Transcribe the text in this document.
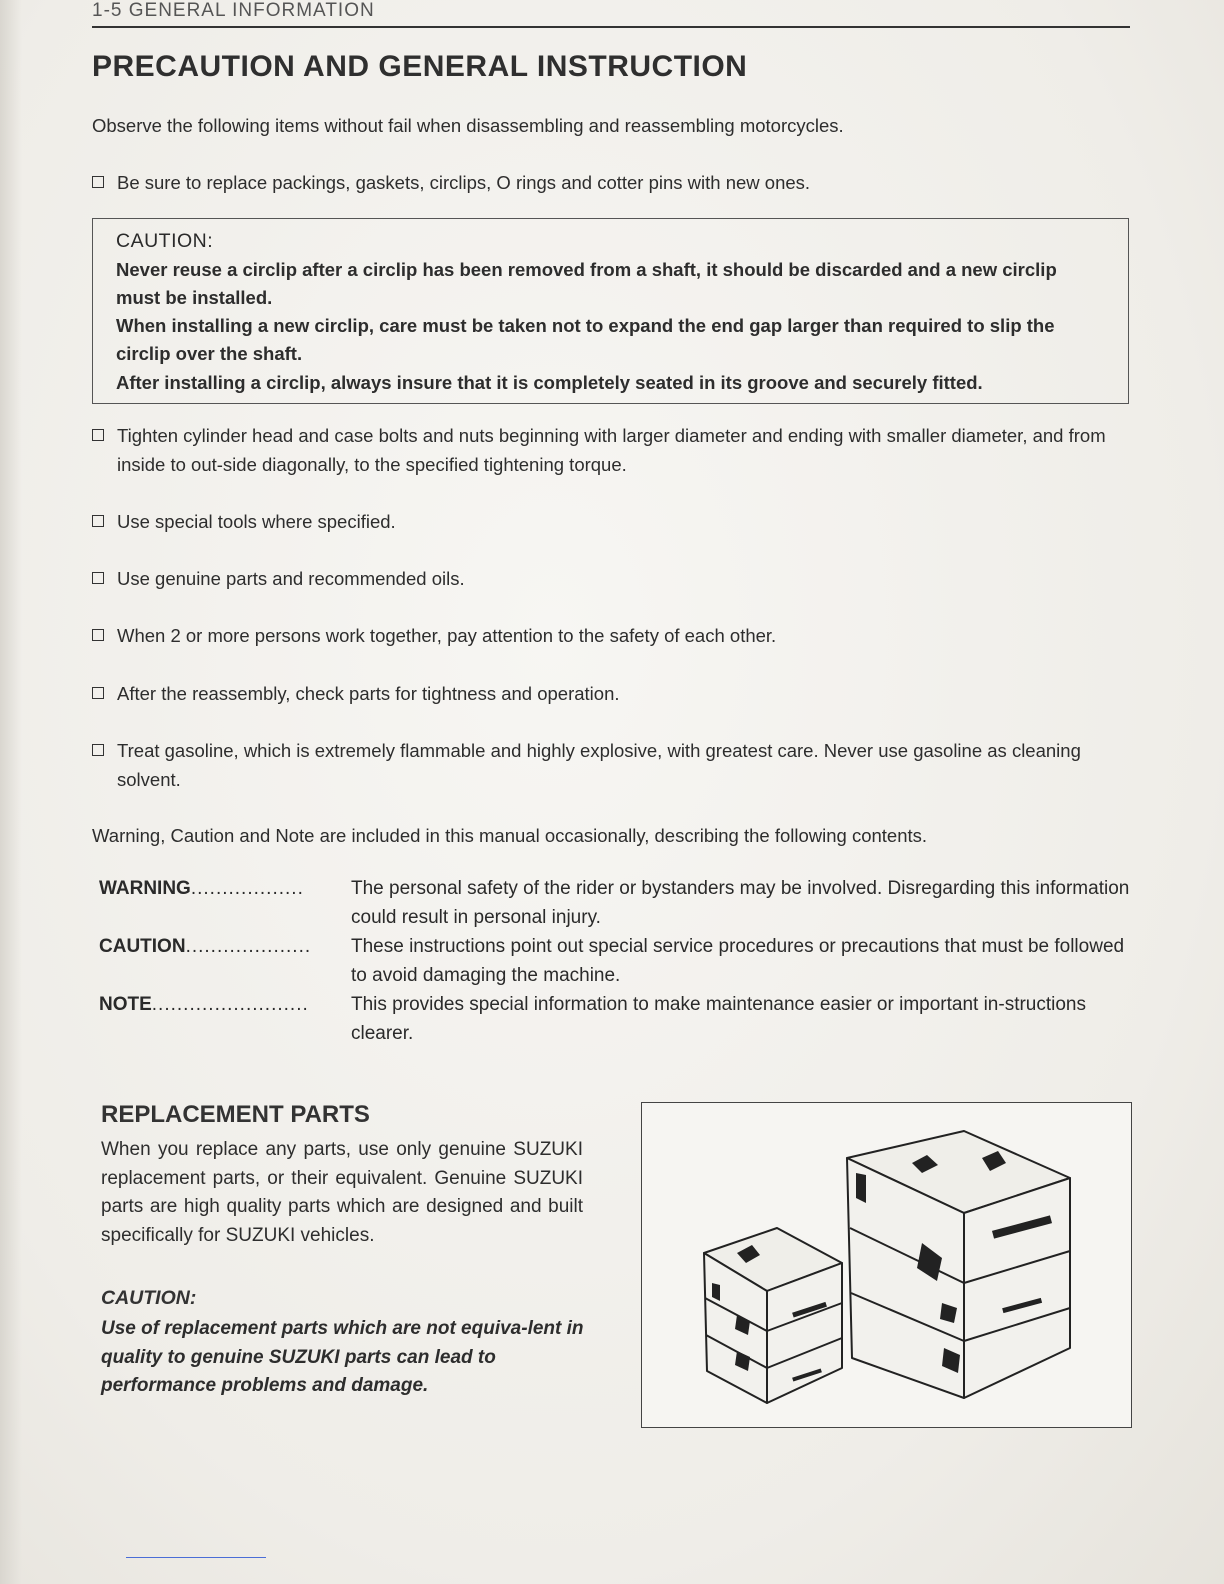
1-5 GENERAL INFORMATION
PRECAUTION AND GENERAL INSTRUCTION
Observe the following items without fail when disassembling and reassembling motorcycles.
Be sure to replace packings, gaskets, circlips, O rings and cotter pins with new ones.
CAUTION:
Never reuse a circlip after a circlip has been removed from a shaft, it should be discarded and a new circlip must be installed.
When installing a new circlip, care must be taken not to expand the end gap larger than required to slip the circlip over the shaft.
After installing a circlip, always insure that it is completely seated in its groove and securely fitted.
Tighten cylinder head and case bolts and nuts beginning with larger diameter and ending with smaller diameter, and from inside to out-side diagonally, to the specified tightening torque.
Use special tools where specified.
Use genuine parts and recommended oils.
When 2 or more persons work together, pay attention to the safety of each other.
After the reassembly, check parts for tightness and operation.
Treat gasoline, which is extremely flammable and highly explosive, with greatest care. Never use gasoline as cleaning solvent.
Warning, Caution and Note are included in this manual occasionally, describing the following contents.
WARNING..................	The personal safety of the rider or bystanders may be involved. Disregarding this information could result in personal injury.
CAUTION....................	These instructions point out special service procedures or precautions that must be followed to avoid damaging the machine.
NOTE.........................	This provides special information to make maintenance easier or important in-structions clearer.
REPLACEMENT PARTS
When you replace any parts, use only genuine SUZUKI replacement parts, or their equivalent. Genuine SUZUKI parts are high quality parts which are designed and built specifically for SUZUKI vehicles.
CAUTION:
Use of replacement parts which are not equiva-lent in quality to genuine SUZUKI parts can lead to performance problems and damage.
